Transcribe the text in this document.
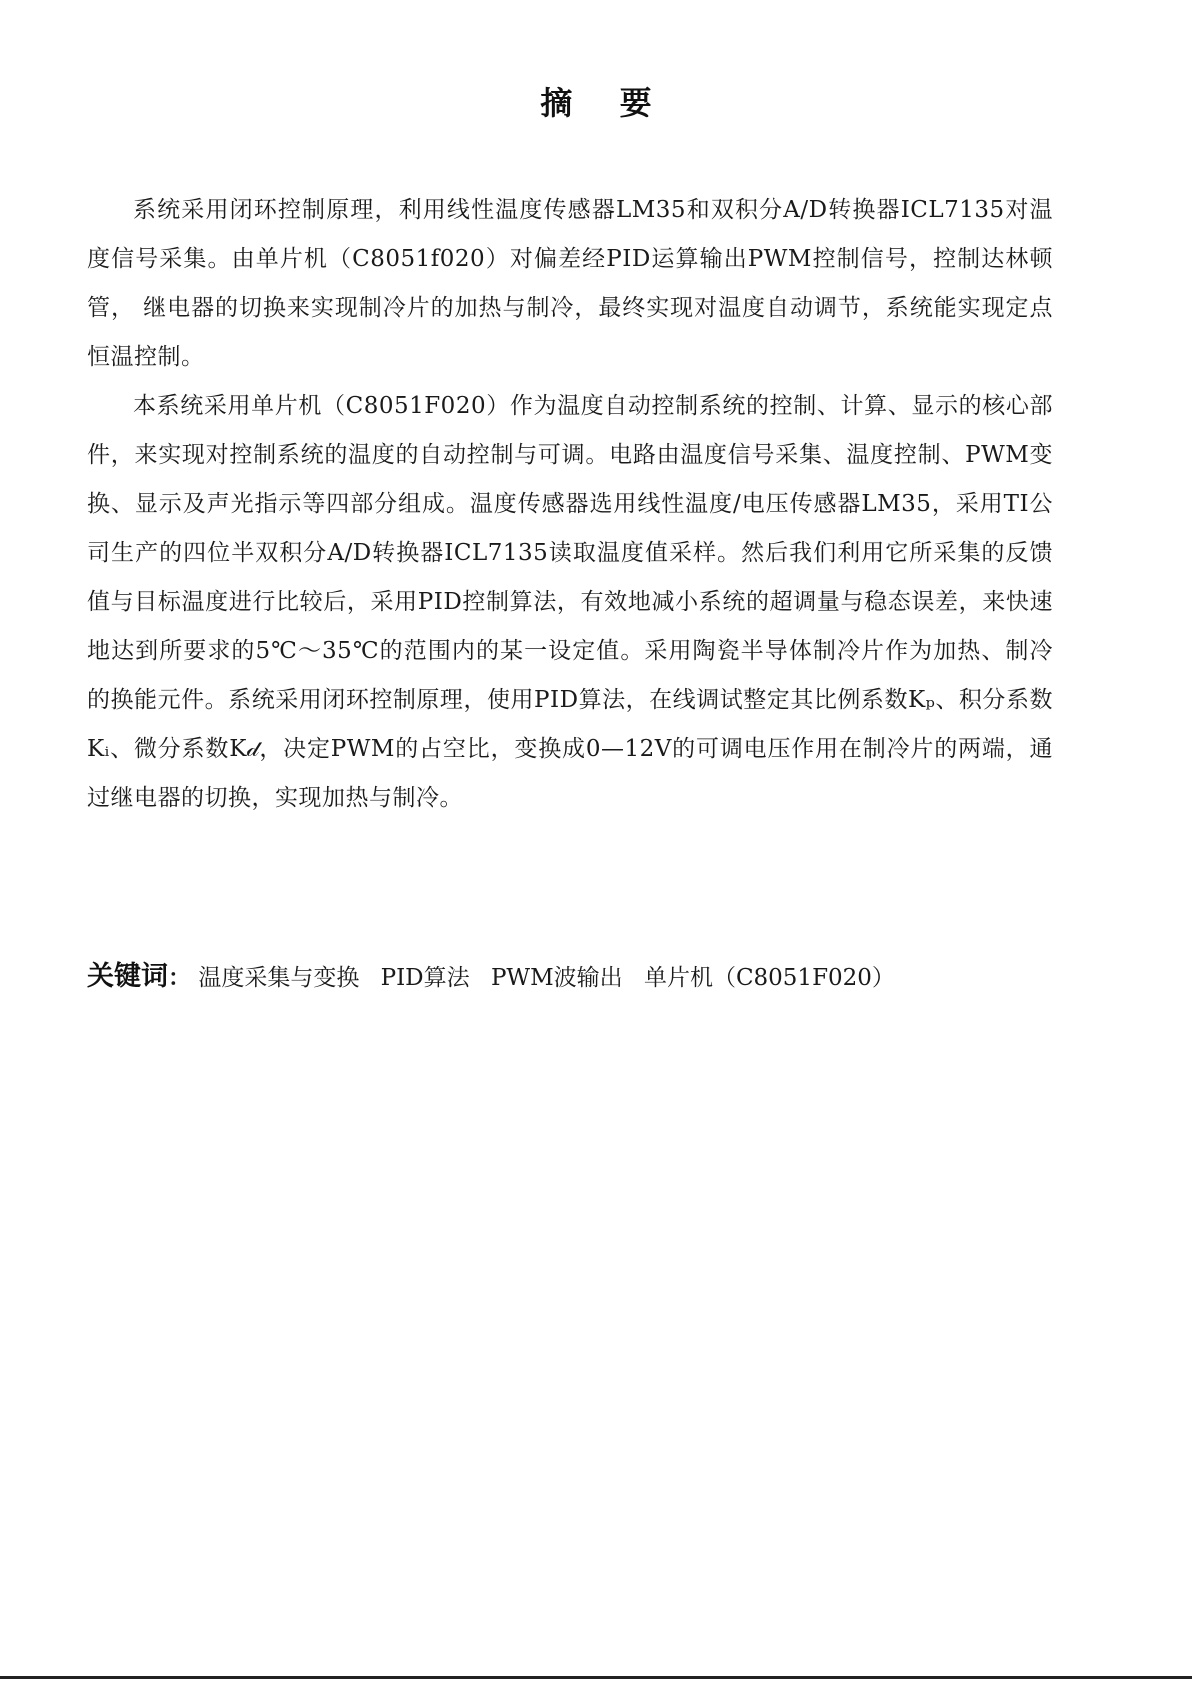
摘 要

系统采用闭环控制原理，利用线性温度传感器LM35和双积分A/D转换器ICL7135对温度信号采集。由单片机（C8051f020）对偏差经PID运算输出PWM控制信号，控制达林顿管， 继电器的切换来实现制冷片的加热与制冷，最终实现对温度自动调节，系统能实现定点恒温控制。

本系统采用单片机（C8051F020）作为温度自动控制系统的控制、计算、显示的核心部件，来实现对控制系统的温度的自动控制与可调。电路由温度信号采集、温度控制、PWM变换、显示及声光指示等四部分组成。温度传感器选用线性温度/电压传感器LM35，采用TI公司生产的四位半双积分A/D转换器ICL7135读取温度值采样。然后我们利用它所采集的反馈值与目标温度进行比较后，采用PID控制算法，有效地减小系统的超调量与稳态误差，来快速地达到所要求的5℃～35℃的范围内的某一设定值。采用陶瓷半导体制冷片作为加热、制冷的换能元件。系统采用闭环控制原理，使用PID算法，在线调试整定其比例系数Kₚ、积分系数Kᵢ、微分系数K𝒹，决定PWM的占空比，变换成0—12V的可调电压作用在制冷片的两端，通过继电器的切换，实现加热与制冷。

关键词： 温度采集与变换 PID算法 PWM波输出 单片机（C8051F020）
